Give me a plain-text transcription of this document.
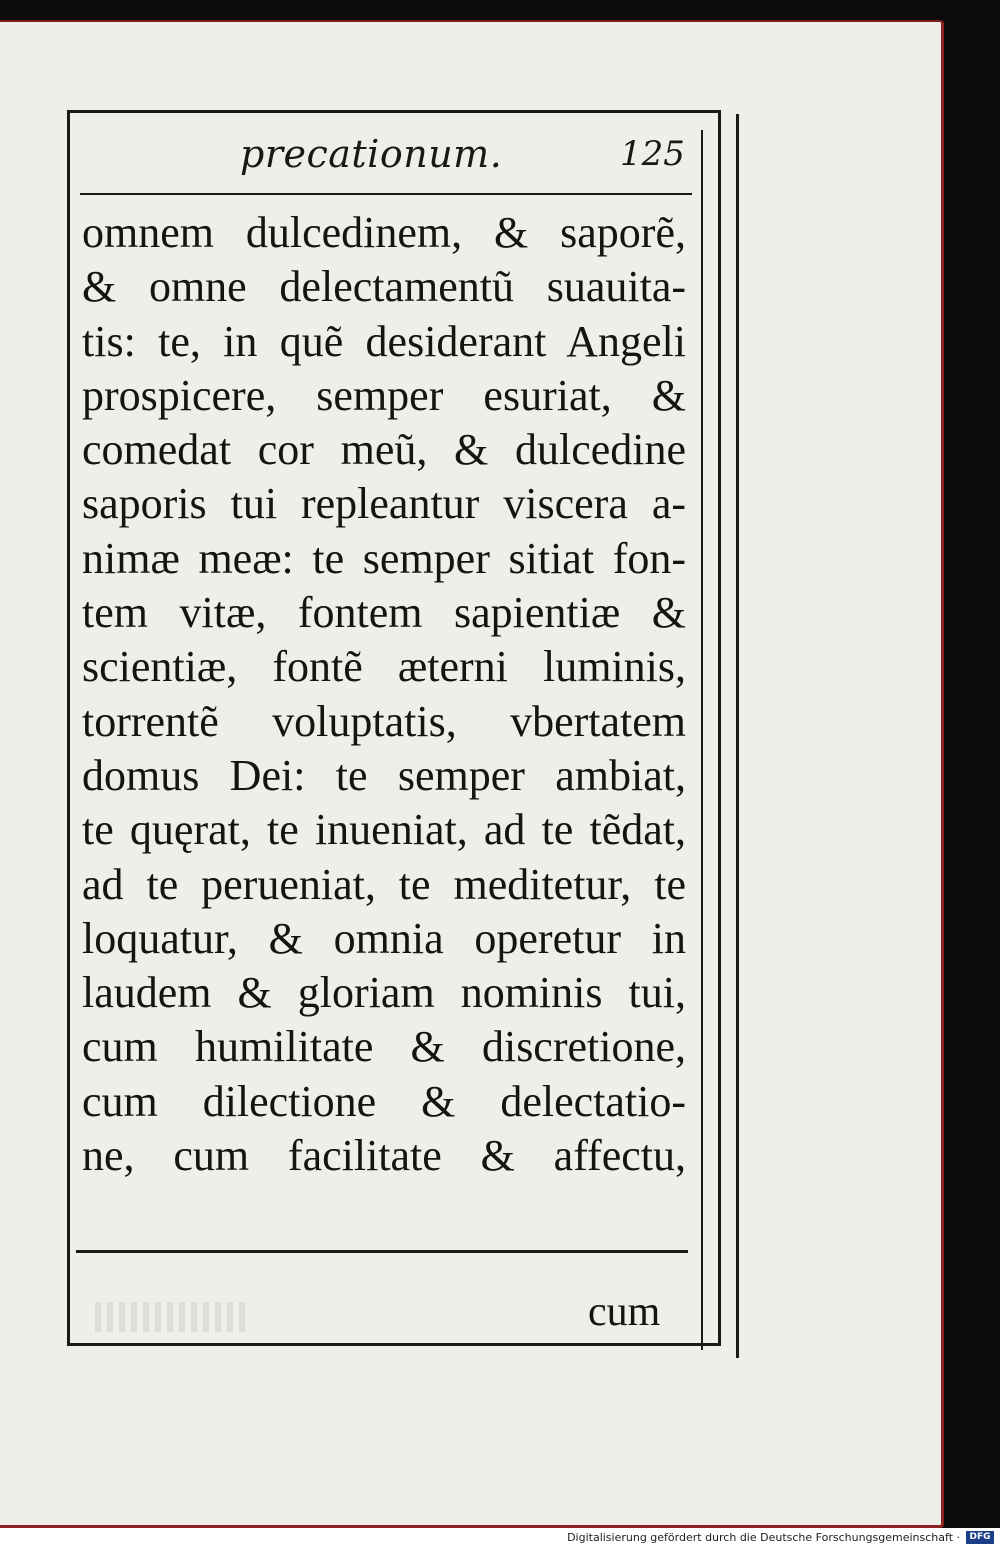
precationum.	125
omnem dulcedinem, & saporẽ,
& omne delectamentũ suauita-
tis: te, in quẽ desiderant Angeli
prospicere, semper esuriat, &
comedat cor meũ, & dulcedine
saporis tui repleantur viscera a-
nimæ meæ: te semper sitiat fon-
tem vitæ, fontem sapientiæ &
scientiæ, fontẽ æterni luminis,
torrentẽ voluptatis, vbertatem
domus Dei: te semper ambiat,
te quęrat, te inueniat, ad te tẽdat,
ad te perueniat, te meditetur, te
loquatur, & omnia operetur in
laudem & gloriam nominis tui,
cum humilitate & discretione,
cum dilectione & delectatio-
ne, cum facilitate & affectu,
cum
Digitalisierung gefördert durch die Deutsche Forschungsgemeinschaft ·	DFG
